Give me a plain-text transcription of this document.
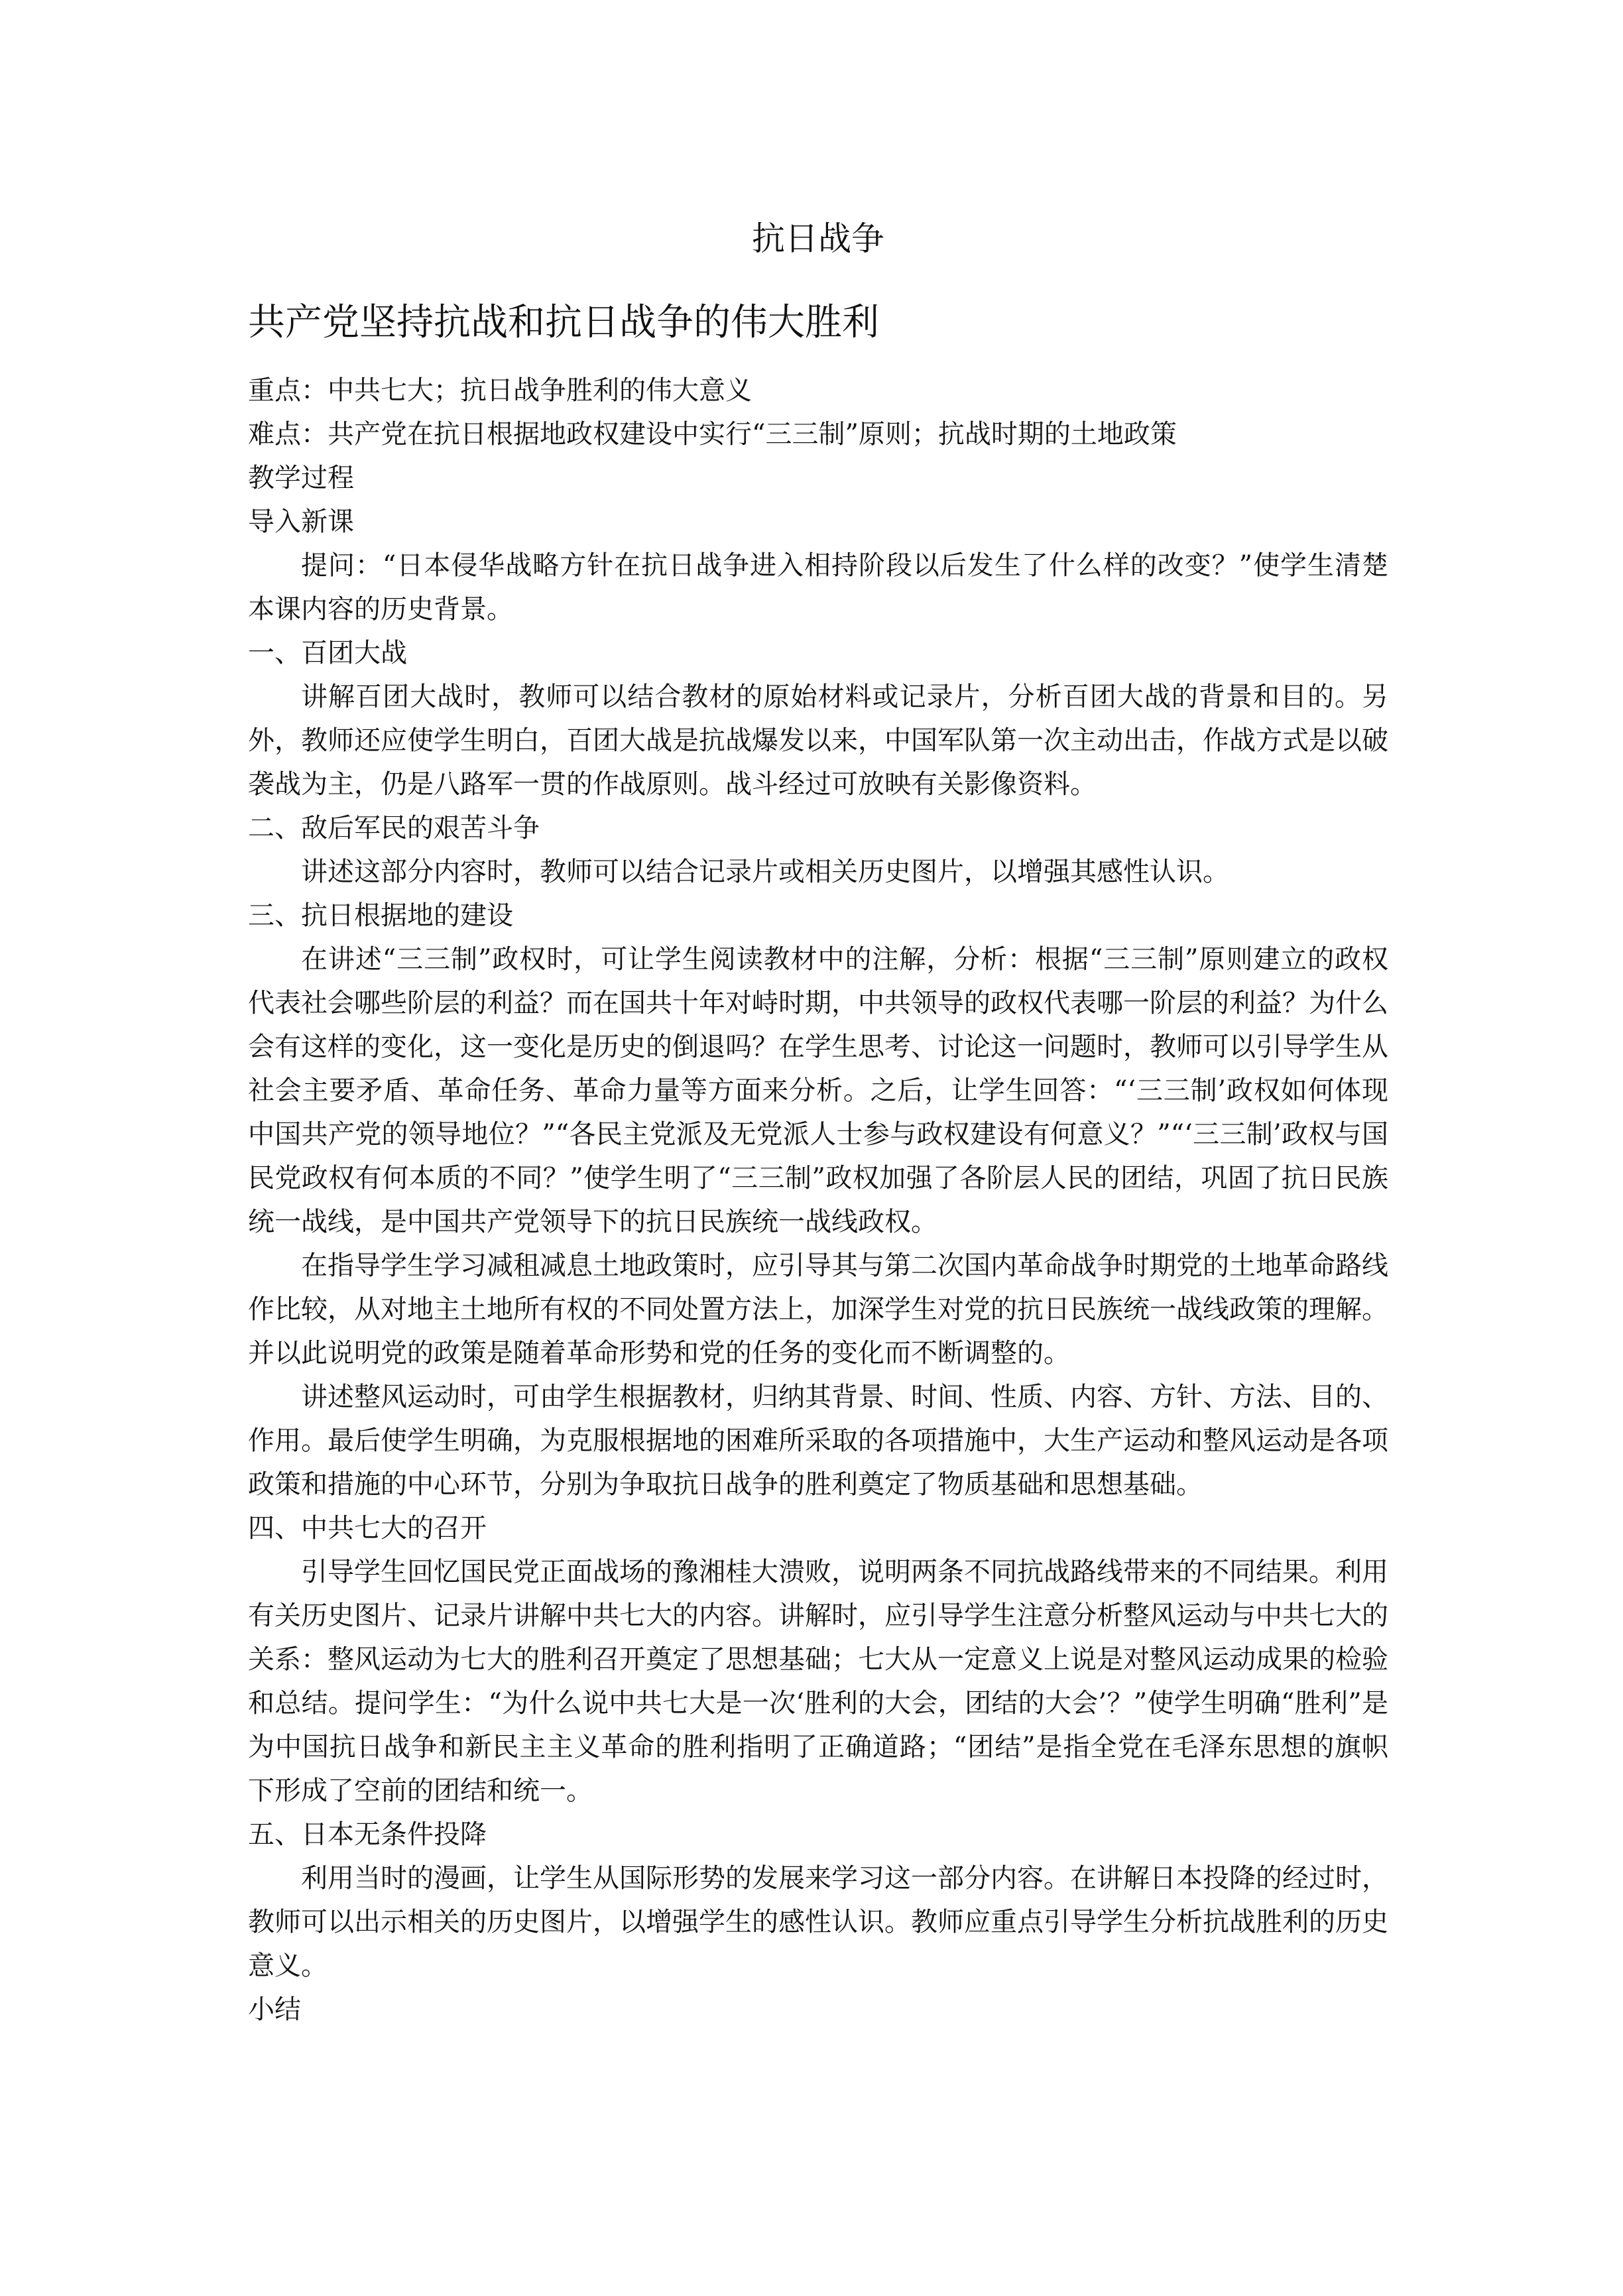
抗日战争
共产党坚持抗战和抗日战争的伟大胜利

重点：中共七大；抗日战争胜利的伟大意义

难点：共产党在抗日根据地政权建设中实行“三三制”原则；抗战时期的土地政策

教学过程

导入新课

提问：“日本侵华战略方针在抗日战争进入相持阶段以后发生了什么样的改变？”使学生清楚本课内容的历史背景。

一、百团大战

讲解百团大战时，教师可以结合教材的原始材料或记录片，分析百团大战的背景和目的。另外，教师还应使学生明白，百团大战是抗战爆发以来，中国军队第一次主动出击，作战方式是以破袭战为主，仍是八路军一贯的作战原则。战斗经过可放映有关影像资料。

二、敌后军民的艰苦斗争

讲述这部分内容时，教师可以结合记录片或相关历史图片，以增强其感性认识。

三、抗日根据地的建设

在讲述“三三制”政权时，可让学生阅读教材中的注解，分析：根据“三三制”原则建立的政权代表社会哪些阶层的利益？而在国共十年对峙时期，中共领导的政权代表哪一阶层的利益？为什么会有这样的变化，这一变化是历史的倒退吗？在学生思考、讨论这一问题时，教师可以引导学生从社会主要矛盾、革命任务、革命力量等方面来分析。之后，让学生回答：“‘三三制’政权如何体现中国共产党的领导地位？”“各民主党派及无党派人士参与政权建设有何意义？”“‘三三制’政权与国民党政权有何本质的不同？”使学生明了“三三制”政权加强了各阶层人民的团结，巩固了抗日民族统一战线，是中国共产党领导下的抗日民族统一战线政权。

在指导学生学习减租减息土地政策时，应引导其与第二次国内革命战争时期党的土地革命路线作比较，从对地主土地所有权的不同处置方法上，加深学生对党的抗日民族统一战线政策的理解。并以此说明党的政策是随着革命形势和党的任务的变化而不断调整的。

讲述整风运动时，可由学生根据教材，归纳其背景、时间、性质、内容、方针、方法、目的、作用。最后使学生明确，为克服根据地的困难所采取的各项措施中，大生产运动和整风运动是各项政策和措施的中心环节，分别为争取抗日战争的胜利奠定了物质基础和思想基础。

四、中共七大的召开

引导学生回忆国民党正面战场的豫湘桂大溃败，说明两条不同抗战路线带来的不同结果。利用有关历史图片、记录片讲解中共七大的内容。讲解时，应引导学生注意分析整风运动与中共七大的关系：整风运动为七大的胜利召开奠定了思想基础；七大从一定意义上说是对整风运动成果的检验和总结。提问学生：“为什么说中共七大是一次‘胜利的大会，团结的大会’？”使学生明确“胜利”是为中国抗日战争和新民主主义革命的胜利指明了正确道路；“团结”是指全党在毛泽东思想的旗帜下形成了空前的团结和统一。

五、日本无条件投降

利用当时的漫画，让学生从国际形势的发展来学习这一部分内容。在讲解日本投降的经过时，教师可以出示相关的历史图片，以增强学生的感性认识。教师应重点引导学生分析抗战胜利的历史意义。

小结
